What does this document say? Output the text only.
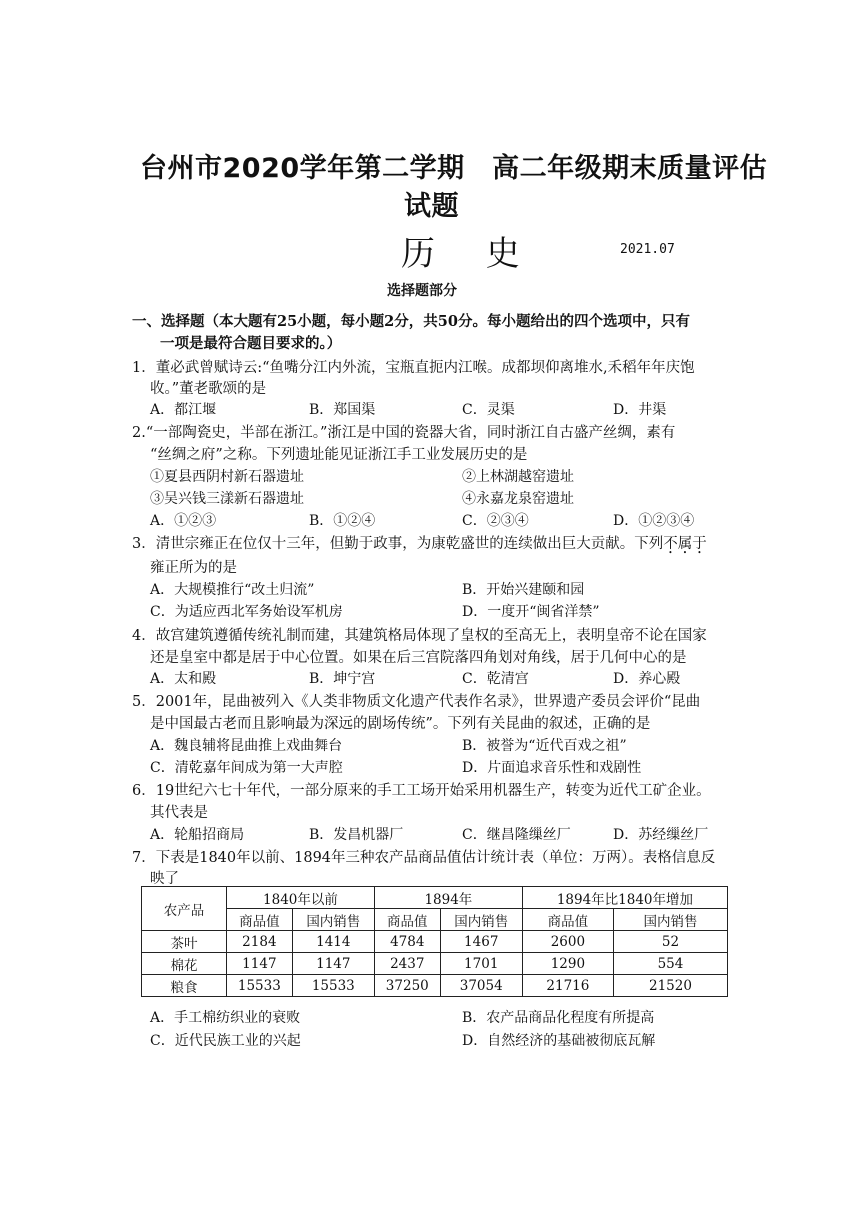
台州市2020学年第二学期　高二年级期末质量评估
试题
历 史	2021.07
选择题部分
一、选择题（本大题有25小题，每小题2分，共50分。每小题给出的四个选项中，只有
一项是最符合题目要求的。）
1．董必武曾赋诗云:“鱼嘴分江内外流，宝瓶直扼内江喉。成都坝仰离堆水,禾稻年年庆饱
收。”董老歌颂的是
A．都江堰	B．郑国渠	C．灵渠	D．井渠
2.“一部陶瓷史，半部在浙江。”浙江是中国的瓷器大省，同时浙江自古盛产丝绸，素有
“丝绸之府”之称。下列遗址能见证浙江手工业发展历史的是
①夏县西阴村新石器遗址	②上林湖越窑遗址
③吴兴钱三漾新石器遗址	④永嘉龙泉窑遗址
A．①②③	B．①②④	C．②③④	D．①②③④
3．清世宗雍正在位仅十三年，但勤于政事，为康乾盛世的连续做出巨大贡献。下列不属于
雍正所为的是
A．大规模推行“改土归流”	B．开始兴建颐和园
C．为适应西北军务始设军机房	D．一度开“闽省洋禁”
4．故宫建筑遵循传统礼制而建，其建筑格局体现了皇权的至高无上，表明皇帝不论在国家
还是皇室中都是居于中心位置。如果在后三宫院落四角划对角线，居于几何中心的是
A．太和殿	B．坤宁宫	C．乾清宫	D．养心殿
5．2001年，昆曲被列入《人类非物质文化遗产代表作名录》，世界遗产委员会评价“昆曲
是中国最古老而且影响最为深远的剧场传统”。下列有关昆曲的叙述，正确的是
A．魏良辅将昆曲推上戏曲舞台	B．被誉为“近代百戏之祖”
C．清乾嘉年间成为第一大声腔	D．片面追求音乐性和戏剧性
6．19世纪六七十年代，一部分原来的手工工场开始采用机器生产，转变为近代工矿企业。
其代表是
A．轮船招商局	B．发昌机器厂	C．继昌隆缫丝厂	D．苏经缫丝厂
7．下表是1840年以前、1894年三种农产品商品值估计统计表（单位：万两）。表格信息反
映了
农产品	1840年以前		1894年		1894年比1840年增加	
	商品值	国内销售	商品值	国内销售	商品值	国内销售
茶叶	2184	1414	4784	1467	2600	52
棉花	1147	1147	2437	1701	1290	554
粮食	15533	15533	37250	37054	21716	21520
A．手工棉纺织业的衰败	B．农产品商品化程度有所提高
C．近代民族工业的兴起	D．自然经济的基础被彻底瓦解
